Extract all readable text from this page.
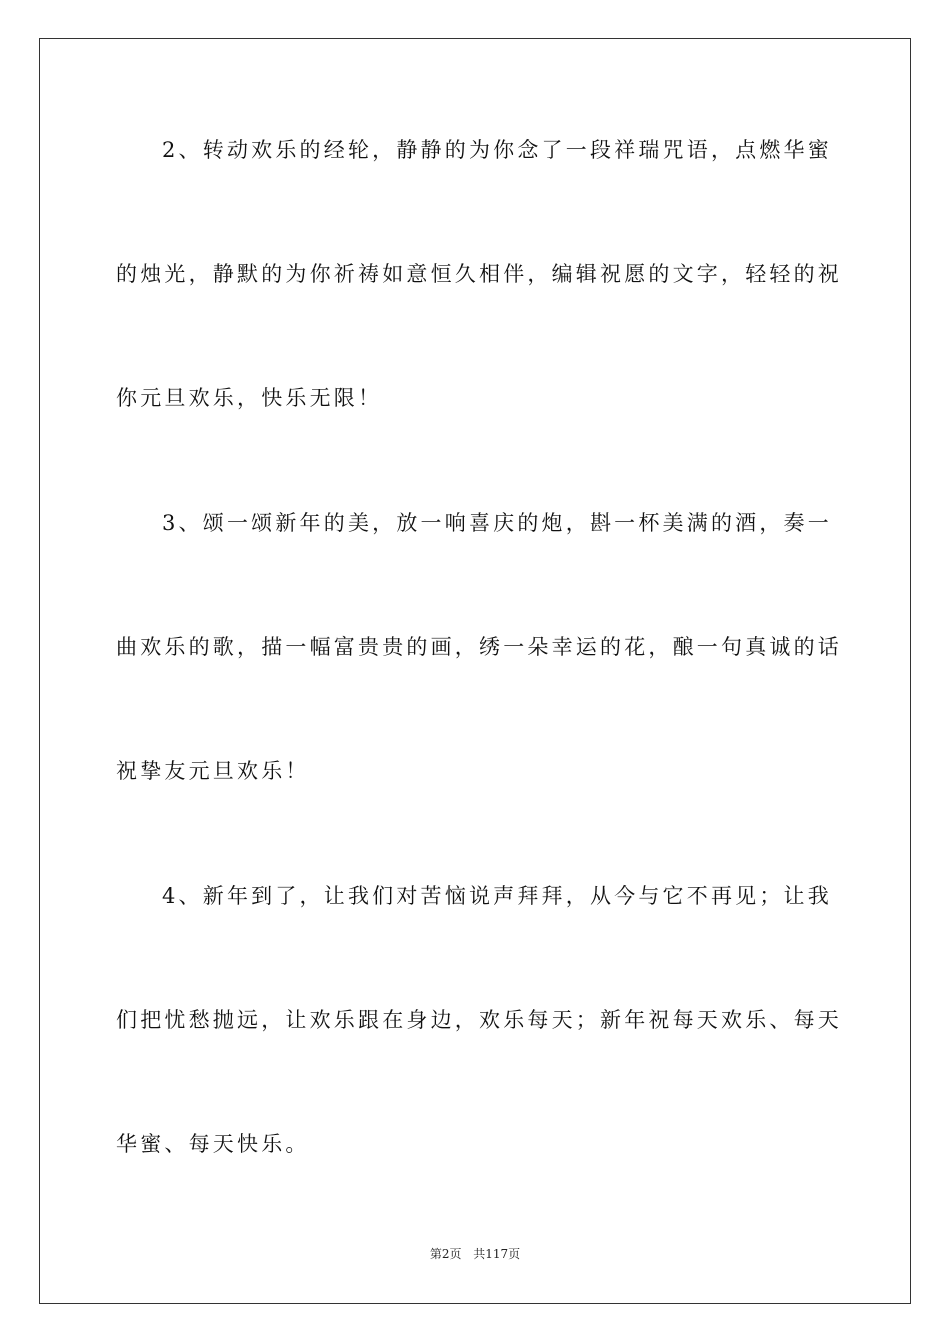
2、转动欢乐的经轮，静静的为你念了一段祥瑞咒语，点燃华蜜
的烛光，静默的为你祈祷如意恒久相伴，编辑祝愿的文字，轻轻的祝
你元旦欢乐，快乐无限！
3、颂一颂新年的美，放一响喜庆的炮，斟一杯美满的酒，奏一
曲欢乐的歌，描一幅富贵贵的画，绣一朵幸运的花，酿一句真诚的话
祝挚友元旦欢乐！
4、新年到了，让我们对苦恼说声拜拜，从今与它不再见；让我
们把忧愁抛远，让欢乐跟在身边，欢乐每天；新年祝每天欢乐、每天
华蜜、每天快乐。
第2页 共117页
